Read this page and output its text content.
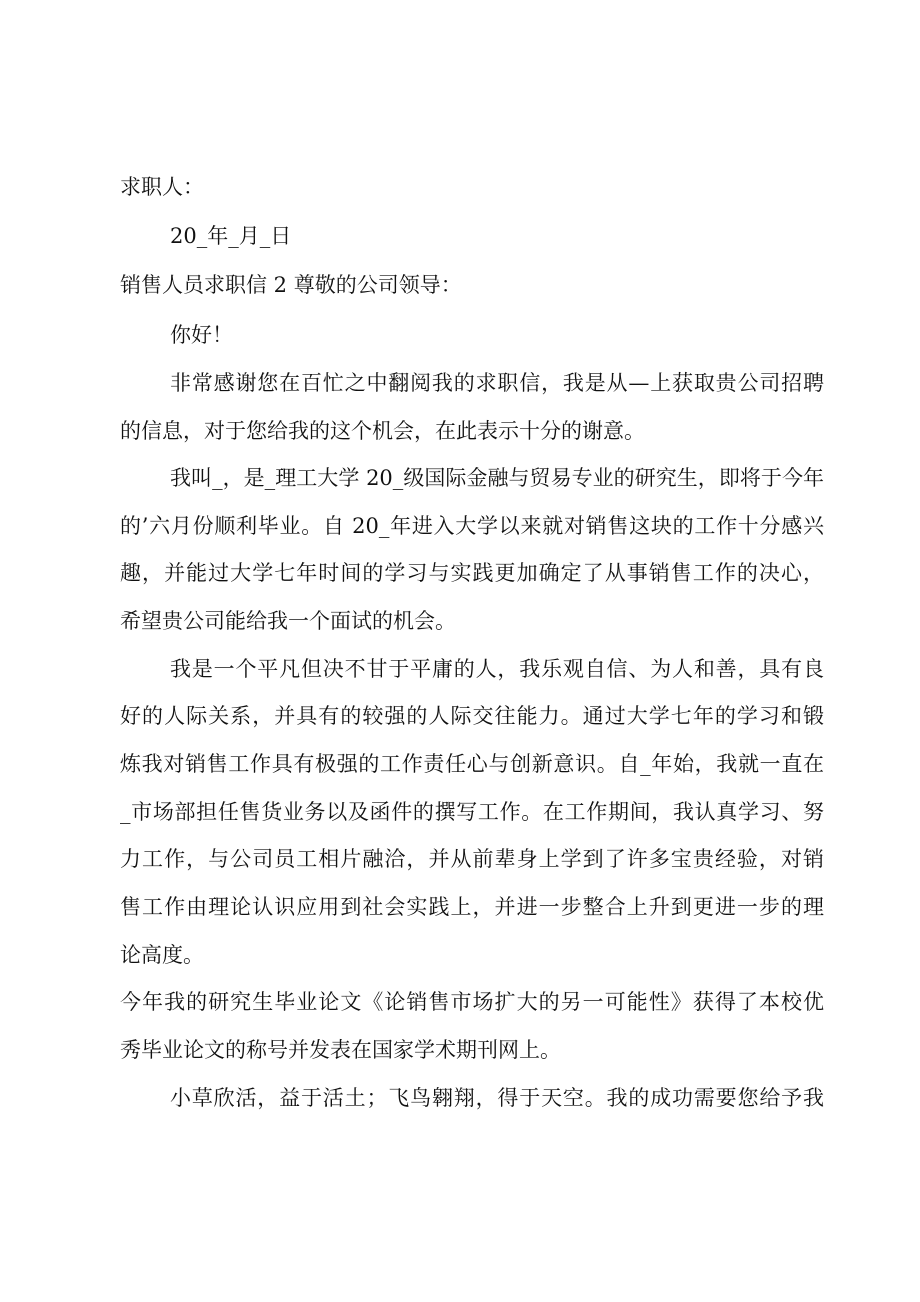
求职人：
20_年_月_日
销售人员求职信 2 尊敬的公司领导：
你好！
非常感谢您在百忙之中翻阅我的求职信，我是从—上获取贵公司招聘
的信息，对于您给我的这个机会，在此表示十分的谢意。
我叫_，是_理工大学 20_级国际金融与贸易专业的研究生，即将于今年
的’六月份顺利毕业。自 20_年进入大学以来就对销售这块的工作十分感兴
趣，并能过大学七年时间的学习与实践更加确定了从事销售工作的决心，
希望贵公司能给我一个面试的机会。
我是一个平凡但决不甘于平庸的人，我乐观自信、为人和善，具有良
好的人际关系，并具有的较强的人际交往能力。通过大学七年的学习和锻
炼我对销售工作具有极强的工作责任心与创新意识。自_年始，我就一直在
_市场部担任售货业务以及函件的撰写工作。在工作期间，我认真学习、努
力工作，与公司员工相片融洽，并从前辈身上学到了许多宝贵经验，对销
售工作由理论认识应用到社会实践上，并进一步整合上升到更进一步的理
论高度。
今年我的研究生毕业论文《论销售市场扩大的另一可能性》获得了本校优
秀毕业论文的称号并发表在国家学术期刊网上。
小草欣活，益于活土；飞鸟翱翔，得于天空。我的成功需要您给予我
